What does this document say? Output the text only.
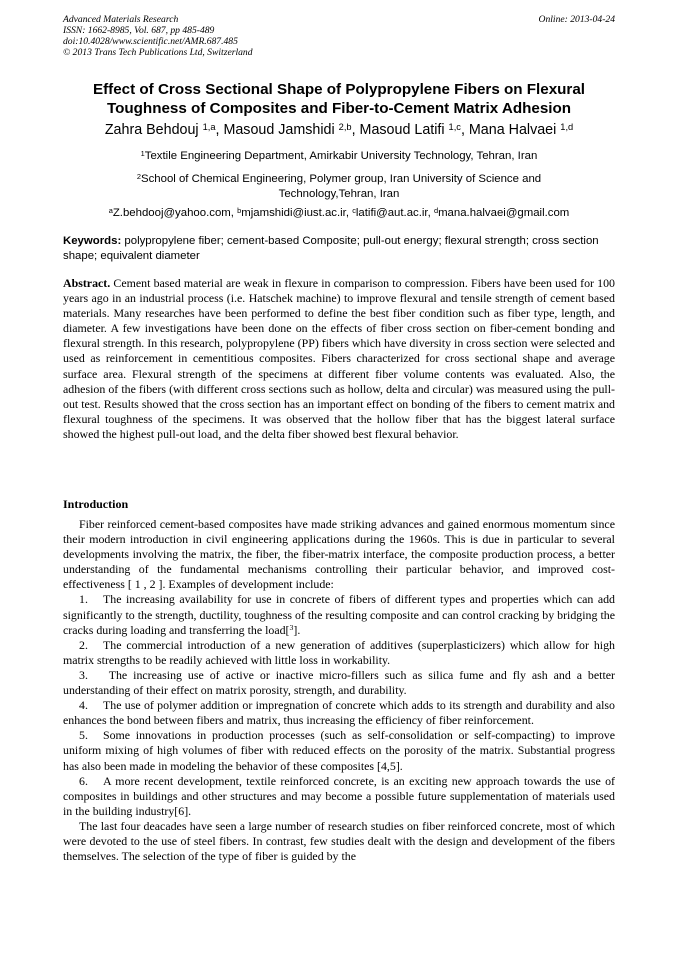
Advanced Materials Research
ISSN: 1662-8985, Vol. 687, pp 485-489
doi:10.4028/www.scientific.net/AMR.687.485
© 2013 Trans Tech Publications Ltd, Switzerland
Online: 2013-04-24
Effect of Cross Sectional Shape of Polypropylene Fibers on Flexural
Toughness of Composites and Fiber-to-Cement Matrix Adhesion
Zahra Behdouj $^{1,a}$, Masoud Jamshidi $^{2,b}$, Masoud Latifi $^{1,c}$, Mana Halvaei $^{1,d}$
$^1$Textile Engineering Department, Amirkabir University Technology, Tehran, Iran
$^2$School of Chemical Engineering, Polymer group, Iran University of Science and
Technology,Tehran, Iran
$^a$Z.behdooj@yahoo.com, $^b$mjamshidi@iust.ac.ir, $^c$latifi@aut.ac.ir, $^d$mana.halvaei@gmail.com
Keywords: polypropylene fiber; cement-based Composite; pull-out energy; flexural strength; cross section shape; equivalent diameter
Abstract. Cement based material are weak in flexure in comparison to compression. Fibers have been used for 100 years ago in an industrial process (i.e. Hatschek machine) to improve flexural and tensile strength of cement based materials. Many researches have been performed to define the best fiber condition such as fiber type, length, and diameter. A few investigations have been done on the effects of fiber cross section on fiber-cement bonding and flexural strength. In this research, polypropylene (PP) fibers which have diversity in cross section were selected and used as reinforcement in cementitious composites. Fibers characterized for cross sectional shape and average surface area. Flexural strength of the specimens at different fiber volume contents was evaluated. Also, the adhesion of the fibers (with different cross sections such as hollow, delta and circular) was measured using the pull-out test. Results showed that the cross section has an important effect on bonding of the fibers to cement matrix and flexural toughness of the specimens. It was observed that the hollow fiber that has the biggest lateral surface showed the highest pull-out load, and the delta fiber showed best flexural behavior.
Introduction

Fiber reinforced cement-based composites have made striking advances and gained enormous momentum since their modern introduction in civil engineering applications during the 1960s. This is due in particular to several developments involving the matrix, the fiber, the fiber-matrix interface, the composite production process, a better understanding of the fundamental mechanisms controlling their particular behavior, and improved cost-effectiveness [ 1 , 2 ]. Examples of development include:

1. The increasing availability for use in concrete of fibers of different types and properties which can add significantly to the strength, ductility, toughness of the resulting composite and can control cracking by bridging the cracks during loading and transferring the load[$^3$].
2. The commercial introduction of a new generation of additives (superplasticizers) which allow for high matrix strengths to be readily achieved with little loss in workability.
3. The increasing use of active or inactive micro-fillers such as silica fume and fly ash and a better understanding of their effect on matrix porosity, strength, and durability.
4. The use of polymer addition or impregnation of concrete which adds to its strength and durability and also enhances the bond between fibers and matrix, thus increasing the efficiency of fiber reinforcement.
5. Some innovations in production processes (such as self-consolidation or self-compacting) to improve uniform mixing of high volumes of fiber with reduced effects on the porosity of the matrix. Substantial progress has also been made in modeling the behavior of these composites [4,5].
6. A more recent development, textile reinforced concrete, is an exciting new approach towards the use of composites in buildings and other structures and may become a possible future supplementation of materials used in the building industry[6].

The last four deacades have seen a large number of research studies on fiber reinforced concrete, most of which were devoted to the use of steel fibers. In contrast, few studies dealt with the design and development of the fibers themselves. The selection of the type of fiber is guided by the
